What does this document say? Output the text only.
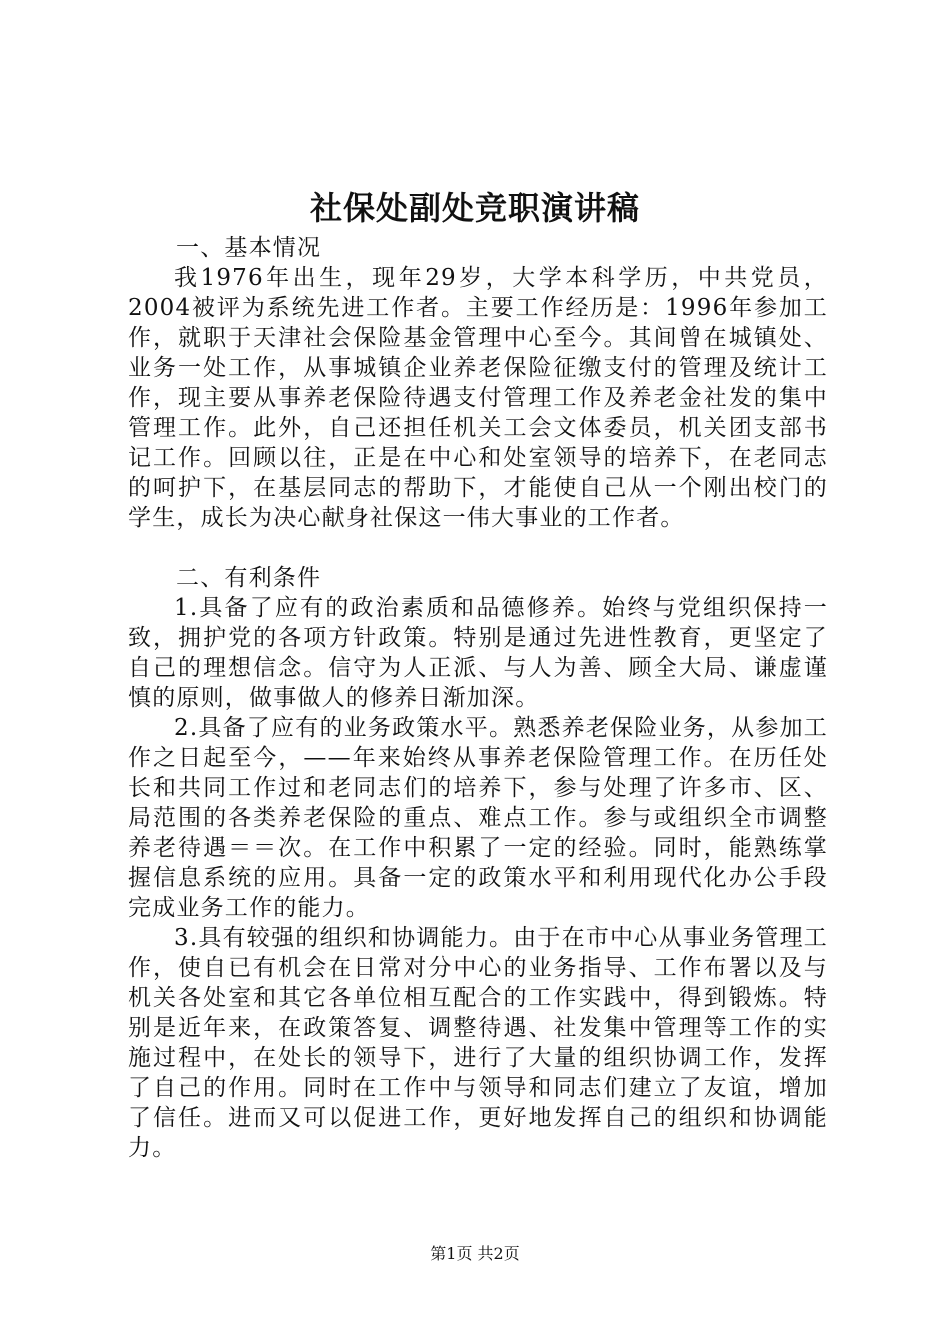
社保处副处竞职演讲稿

一、基本情况

我1976年出生，现年29岁，大学本科学历，中共党员，2004被评为系统先进工作者。主要工作经历是：1996年参加工作，就职于天津社会保险基金管理中心至今。其间曾在城镇处、业务一处工作，从事城镇企业养老保险征缴支付的管理及统计工作，现主要从事养老保险待遇支付管理工作及养老金社发的集中管理工作。此外，自己还担任机关工会文体委员，机关团支部书记工作。回顾以往，正是在中心和处室领导的培养下，在老同志的呵护下，在基层同志的帮助下，才能使自己从一个刚出校门的学生，成长为决心献身社保这一伟大事业的工作者。

二、有利条件

1.具备了应有的政治素质和品德修养。始终与党组织保持一致，拥护党的各项方针政策。特别是通过先进性教育，更坚定了自己的理想信念。信守为人正派、与人为善、顾全大局、谦虚谨慎的原则，做事做人的修养日渐加深。

2.具备了应有的业务政策水平。熟悉养老保险业务，从参加工作之日起至今，——年来始终从事养老保险管理工作。在历任处长和共同工作过和老同志们的培养下，参与处理了许多市、区、局范围的各类养老保险的重点、难点工作。参与或组织全市调整养老待遇＝＝次。在工作中积累了一定的经验。同时，能熟练掌握信息系统的应用。具备一定的政策水平和利用现代化办公手段完成业务工作的能力。

3.具有较强的组织和协调能力。由于在市中心从事业务管理工作，使自已有机会在日常对分中心的业务指导、工作布署以及与机关各处室和其它各单位相互配合的工作实践中，得到锻炼。特别是近年来，在政策答复、调整待遇、社发集中管理等工作的实施过程中，在处长的领导下，进行了大量的组织协调工作，发挥了自己的作用。同时在工作中与领导和同志们建立了友谊，增加了信任。进而又可以促进工作，更好地发挥自己的组织和协调能力。

第1页 共2页
